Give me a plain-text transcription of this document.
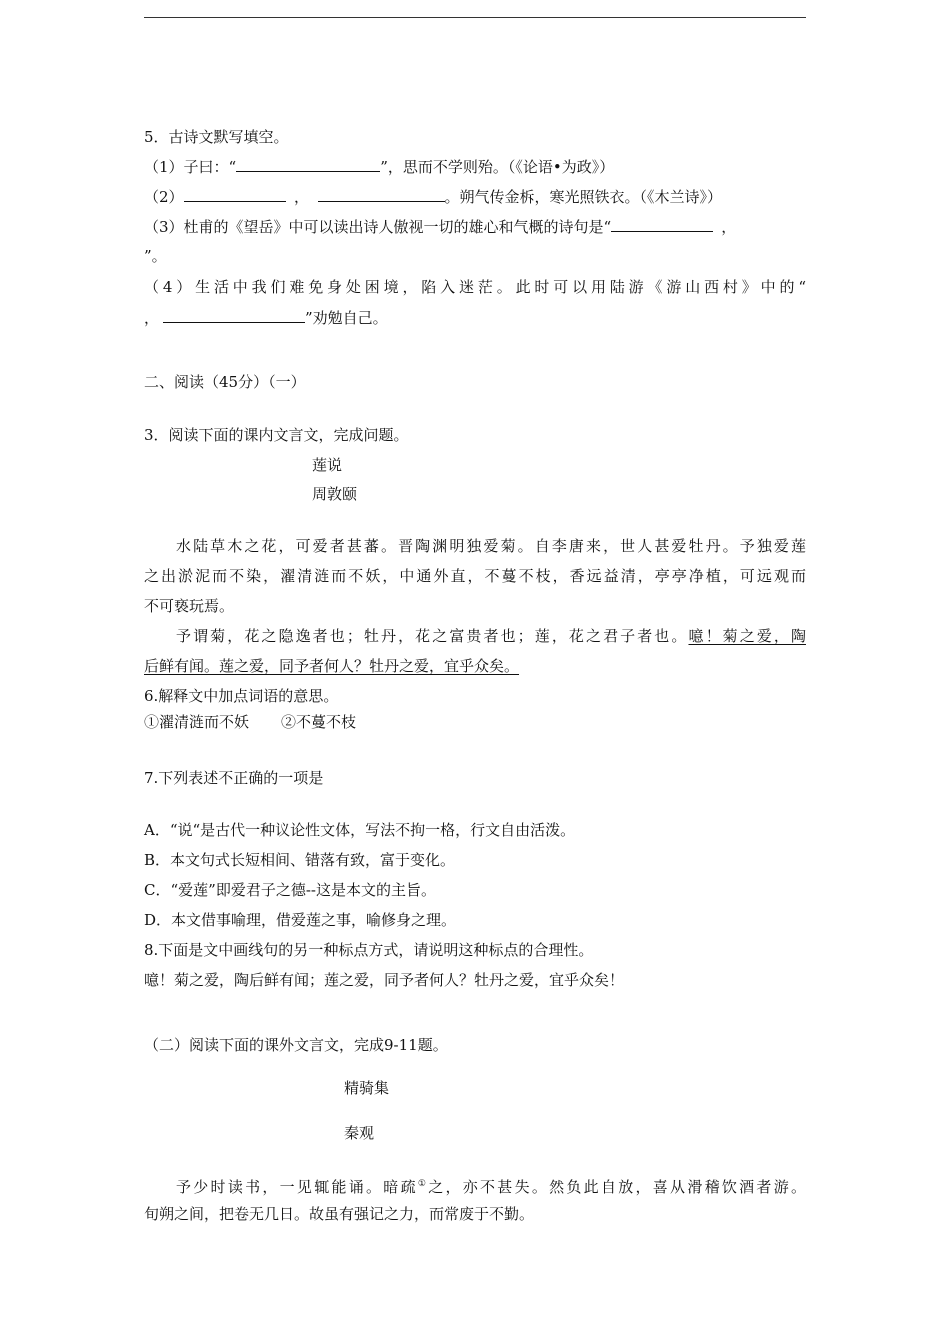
5．古诗文默写填空。
（1）子曰：“	”，思而不学则殆。（《论语•为政》）
（2）	，	。朔气传金柝，寒光照铁衣。（《木兰诗》）
（3）杜甫的《望岳》中可以读出诗人傲视一切的雄心和气概的诗句是“	，
”。
（4）生活中我们难免身处困境，陷入迷茫。此时可以用陆游《游山西村》中的“
，	”劝勉自己。
二、阅读（45分）（一）
3．阅读下面的课内文言文，完成问题。
莲说
周敦颐
水陆草木之花，可爱者甚蕃。晋陶渊明独爱菊。自李唐来，世人甚爱牡丹。予独爱莲
之出淤泥而不染，濯清涟而不妖，中通外直，不蔓不枝，香远益清，亭亭净植，可远观而
不可亵玩焉。
予谓菊，花之隐逸者也；牡丹，花之富贵者也；莲，花之君子者也。噫！菊之爱，陶
后鲜有闻。莲之爱，同予者何人？牡丹之爱，宜乎众矣。
6.解释文中加点词语的意思。
①濯清涟而不妖 ②不蔓不枝
7.下列表述不正确的一项是
A．“说“是古代一种议论性文体，写法不拘一格，行文自由活泼。
B．本文句式长短相间、错落有致，富于变化。
C．“爱莲”即爱君子之德--这是本文的主旨。
D．本文借事喻理，借爱莲之事，喻修身之理。
8.下面是文中画线句的另一种标点方式，请说明这种标点的合理性。
噫！菊之爱，陶后鲜有闻；莲之爱，同予者何人？牡丹之爱，宜乎众矣！
（二）阅读下面的课外文言文，完成9-11题。
精骑集
秦观
予少时读书，一见辄能诵。暗疏①之，亦不甚失。然负此自放，喜从滑稽饮酒者游。
旬朔之间，把卷无几日。故虽有强记之力，而常废于不勤。
